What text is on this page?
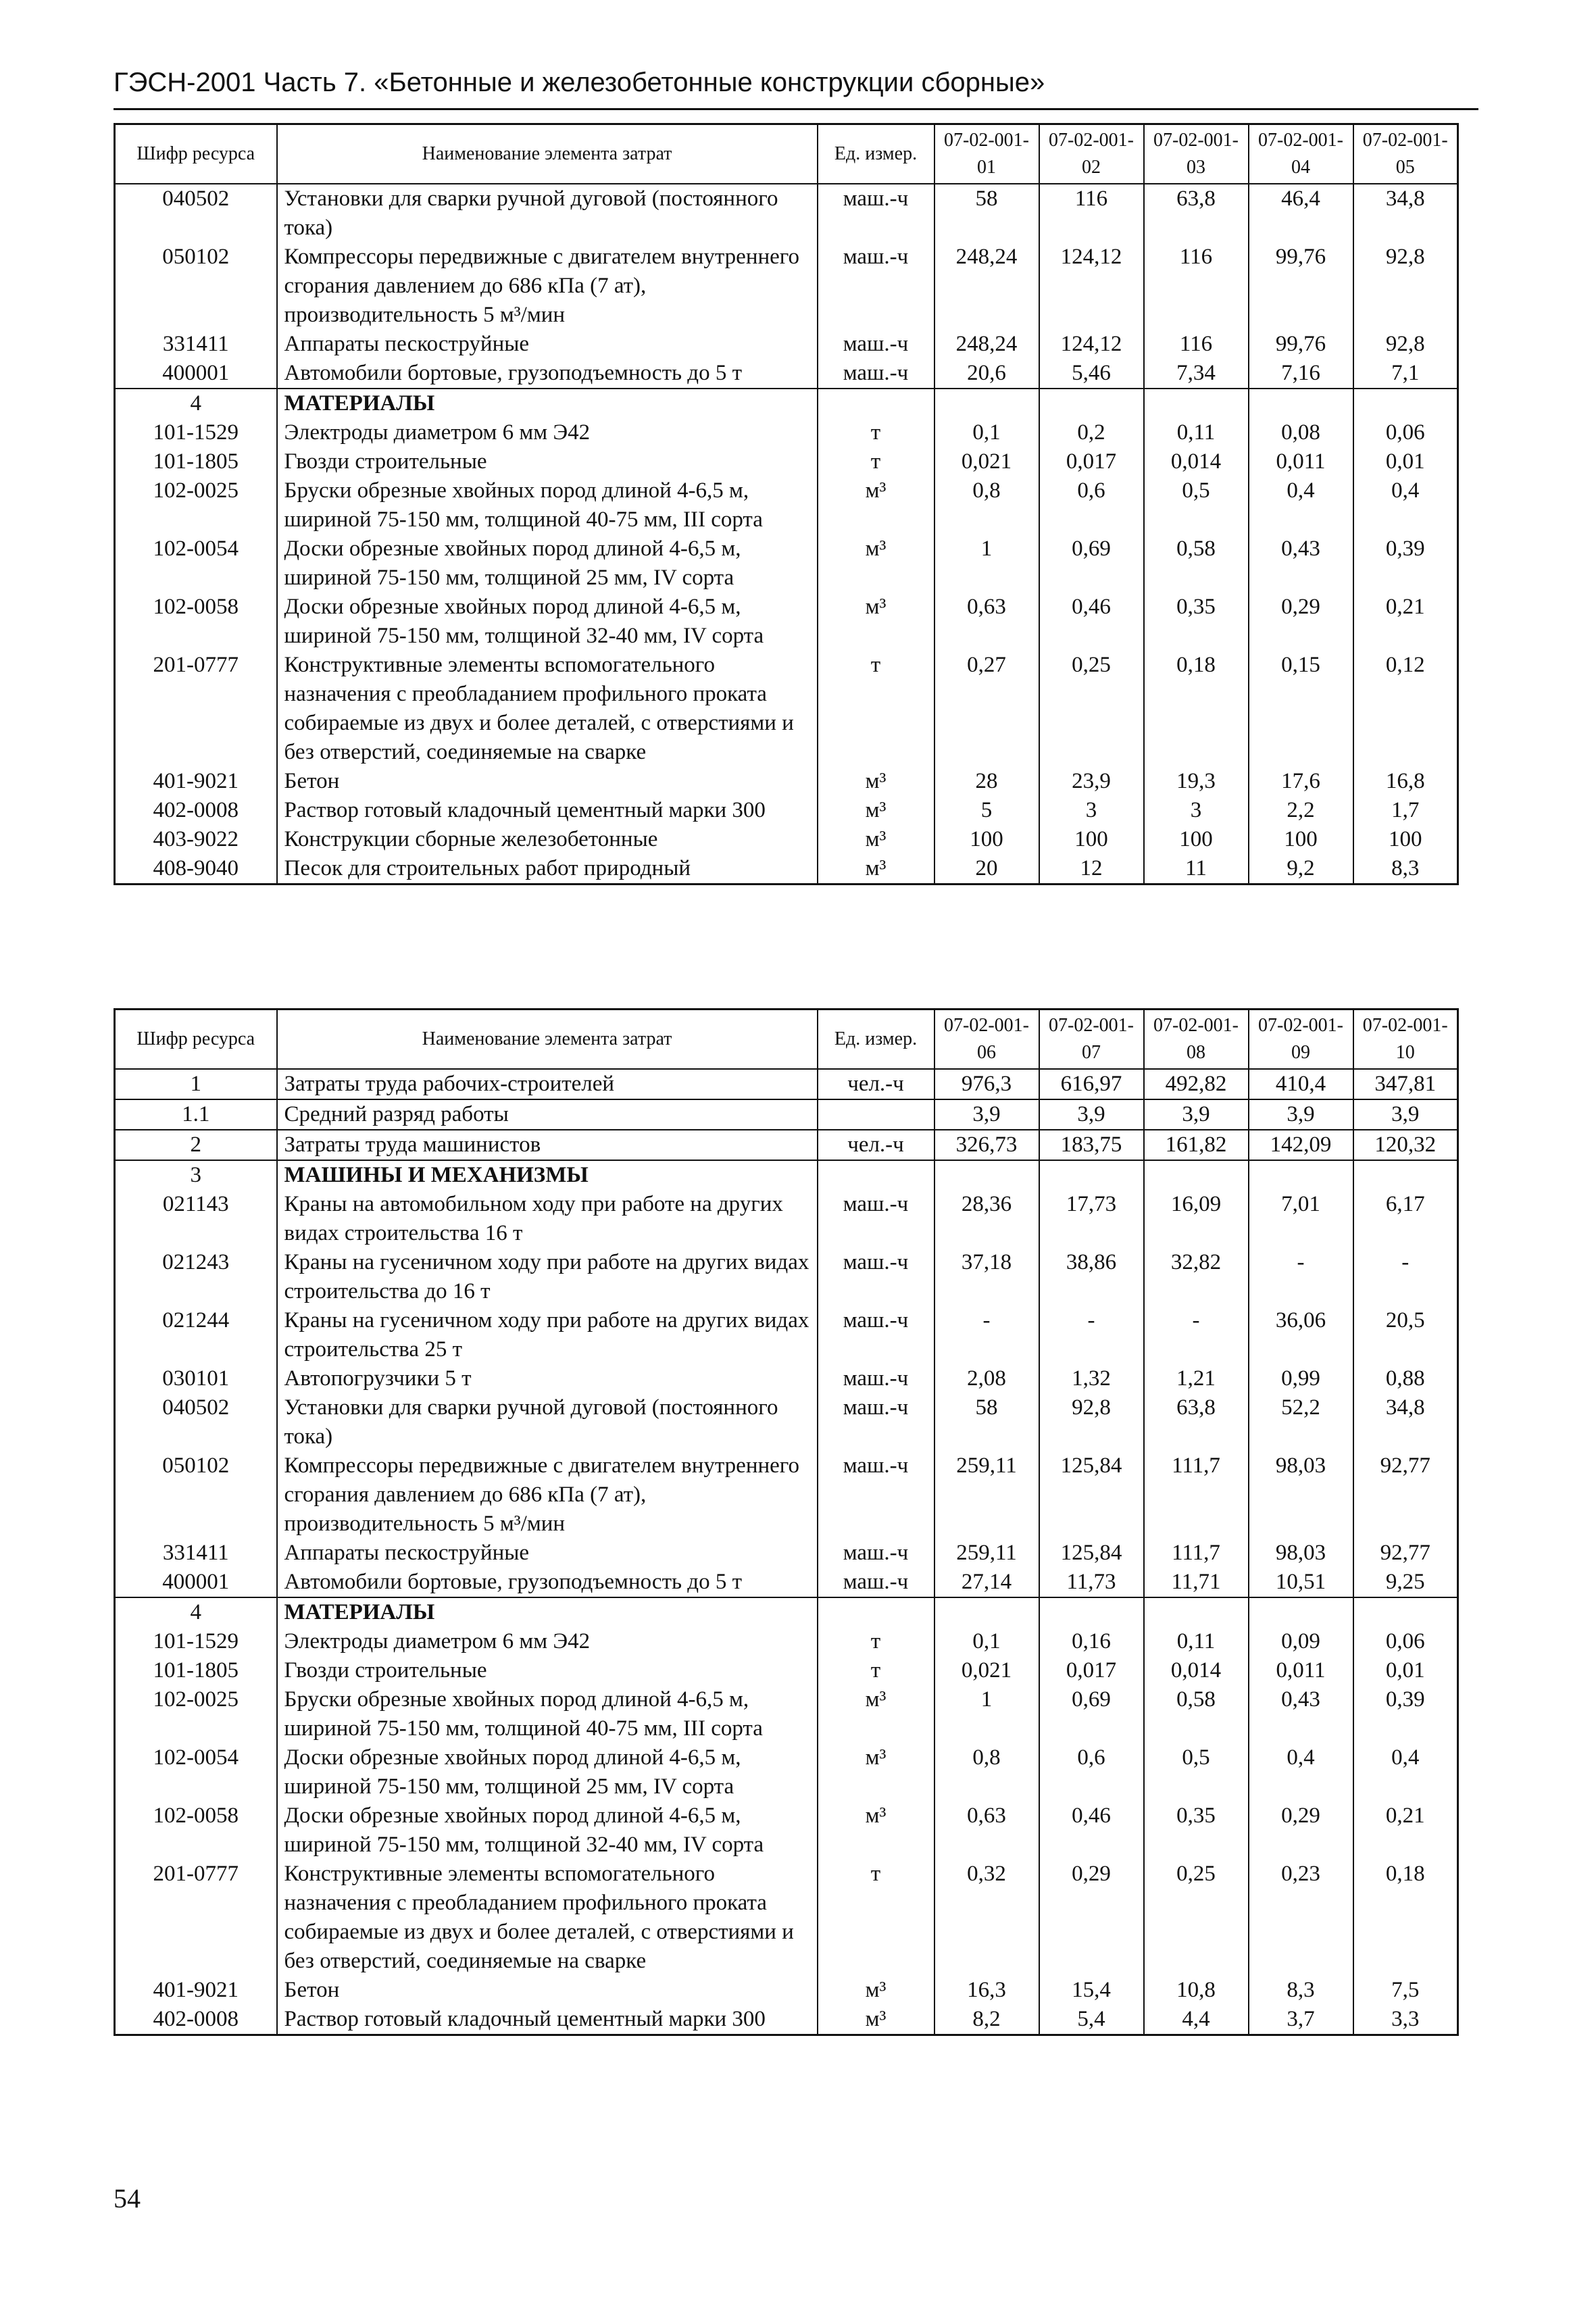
ГЭСН-2001 Часть 7. «Бетонные и железобетонные конструкции сборные»
Шифр ресурса	Наименование элемента затрат	Ед. измер.	07-02-001-01	07-02-001-02	07-02-001-03	07-02-001-04	07-02-001-05
040502	Установки для сварки ручной дуговой (постоянного тока)	маш.-ч	58	116	63,8	46,4	34,8
050102	Компрессоры передвижные с двигателем внутреннего сгорания давлением до 686 кПа (7 ат), производительность 5 м³/мин	маш.-ч	248,24	124,12	116	99,76	92,8
331411	Аппараты пескоструйные	маш.-ч	248,24	124,12	116	99,76	92,8
400001	Автомобили бортовые, грузоподъемность до 5 т	маш.-ч	20,6	5,46	7,34	7,16	7,1
4	МАТЕРИАЛЫ						
101-1529	Электроды диаметром 6 мм Э42	т	0,1	0,2	0,11	0,08	0,06
101-1805	Гвозди строительные	т	0,021	0,017	0,014	0,011	0,01
102-0025	Бруски обрезные хвойных пород длиной 4-6,5 м, шириной 75-150 мм, толщиной 40-75 мм, III сорта	м³	0,8	0,6	0,5	0,4	0,4
102-0054	Доски обрезные хвойных пород длиной 4-6,5 м, шириной 75-150 мм, толщиной 25 мм, IV сорта	м³	1	0,69	0,58	0,43	0,39
102-0058	Доски обрезные хвойных пород длиной 4-6,5 м, шириной 75-150 мм, толщиной 32-40 мм, IV сорта	м³	0,63	0,46	0,35	0,29	0,21
201-0777	Конструктивные элементы вспомогательного назначения с преобладанием профильного проката собираемые из двух и более деталей, с отверстиями и без отверстий, соединяемые на сварке	т	0,27	0,25	0,18	0,15	0,12
401-9021	Бетон	м³	28	23,9	19,3	17,6	16,8
402-0008	Раствор готовый кладочный цементный марки 300	м³	5	3	3	2,2	1,7
403-9022	Конструкции сборные железобетонные	м³	100	100	100	100	100
408-9040	Песок для строительных работ природный	м³	20	12	11	9,2	8,3
Шифр ресурса	Наименование элемента затрат	Ед. измер.	07-02-001-06	07-02-001-07	07-02-001-08	07-02-001-09	07-02-001-10
1	Затраты труда рабочих-строителей	чел.-ч	976,3	616,97	492,82	410,4	347,81
1.1	Средний разряд работы		3,9	3,9	3,9	3,9	3,9
2	Затраты труда машинистов	чел.-ч	326,73	183,75	161,82	142,09	120,32
3	МАШИНЫ И МЕХАНИЗМЫ						
021143	Краны на автомобильном ходу при работе на других видах строительства 16 т	маш.-ч	28,36	17,73	16,09	7,01	6,17
021243	Краны на гусеничном ходу при работе на других видах строительства до 16 т	маш.-ч	37,18	38,86	32,82	-	-
021244	Краны на гусеничном ходу при работе на других видах строительства 25 т	маш.-ч	-	-	-	36,06	20,5
030101	Автопогрузчики 5 т	маш.-ч	2,08	1,32	1,21	0,99	0,88
040502	Установки для сварки ручной дуговой (постоянного тока)	маш.-ч	58	92,8	63,8	52,2	34,8
050102	Компрессоры передвижные с двигателем внутреннего сгорания давлением до 686 кПа (7 ат), производительность 5 м³/мин	маш.-ч	259,11	125,84	111,7	98,03	92,77
331411	Аппараты пескоструйные	маш.-ч	259,11	125,84	111,7	98,03	92,77
400001	Автомобили бортовые, грузоподъемность до 5 т	маш.-ч	27,14	11,73	11,71	10,51	9,25
4	МАТЕРИАЛЫ						
101-1529	Электроды диаметром 6 мм Э42	т	0,1	0,16	0,11	0,09	0,06
101-1805	Гвозди строительные	т	0,021	0,017	0,014	0,011	0,01
102-0025	Бруски обрезные хвойных пород длиной 4-6,5 м, шириной 75-150 мм, толщиной 40-75 мм, III сорта	м³	1	0,69	0,58	0,43	0,39
102-0054	Доски обрезные хвойных пород длиной 4-6,5 м, шириной 75-150 мм, толщиной 25 мм, IV сорта	м³	0,8	0,6	0,5	0,4	0,4
102-0058	Доски обрезные хвойных пород длиной 4-6,5 м, шириной 75-150 мм, толщиной 32-40 мм, IV сорта	м³	0,63	0,46	0,35	0,29	0,21
201-0777	Конструктивные элементы вспомогательного назначения с преобладанием профильного проката собираемые из двух и более деталей, с отверстиями и без отверстий, соединяемые на сварке	т	0,32	0,29	0,25	0,23	0,18
401-9021	Бетон	м³	16,3	15,4	10,8	8,3	7,5
402-0008	Раствор готовый кладочный цементный марки 300	м³	8,2	5,4	4,4	3,7	3,3
54
